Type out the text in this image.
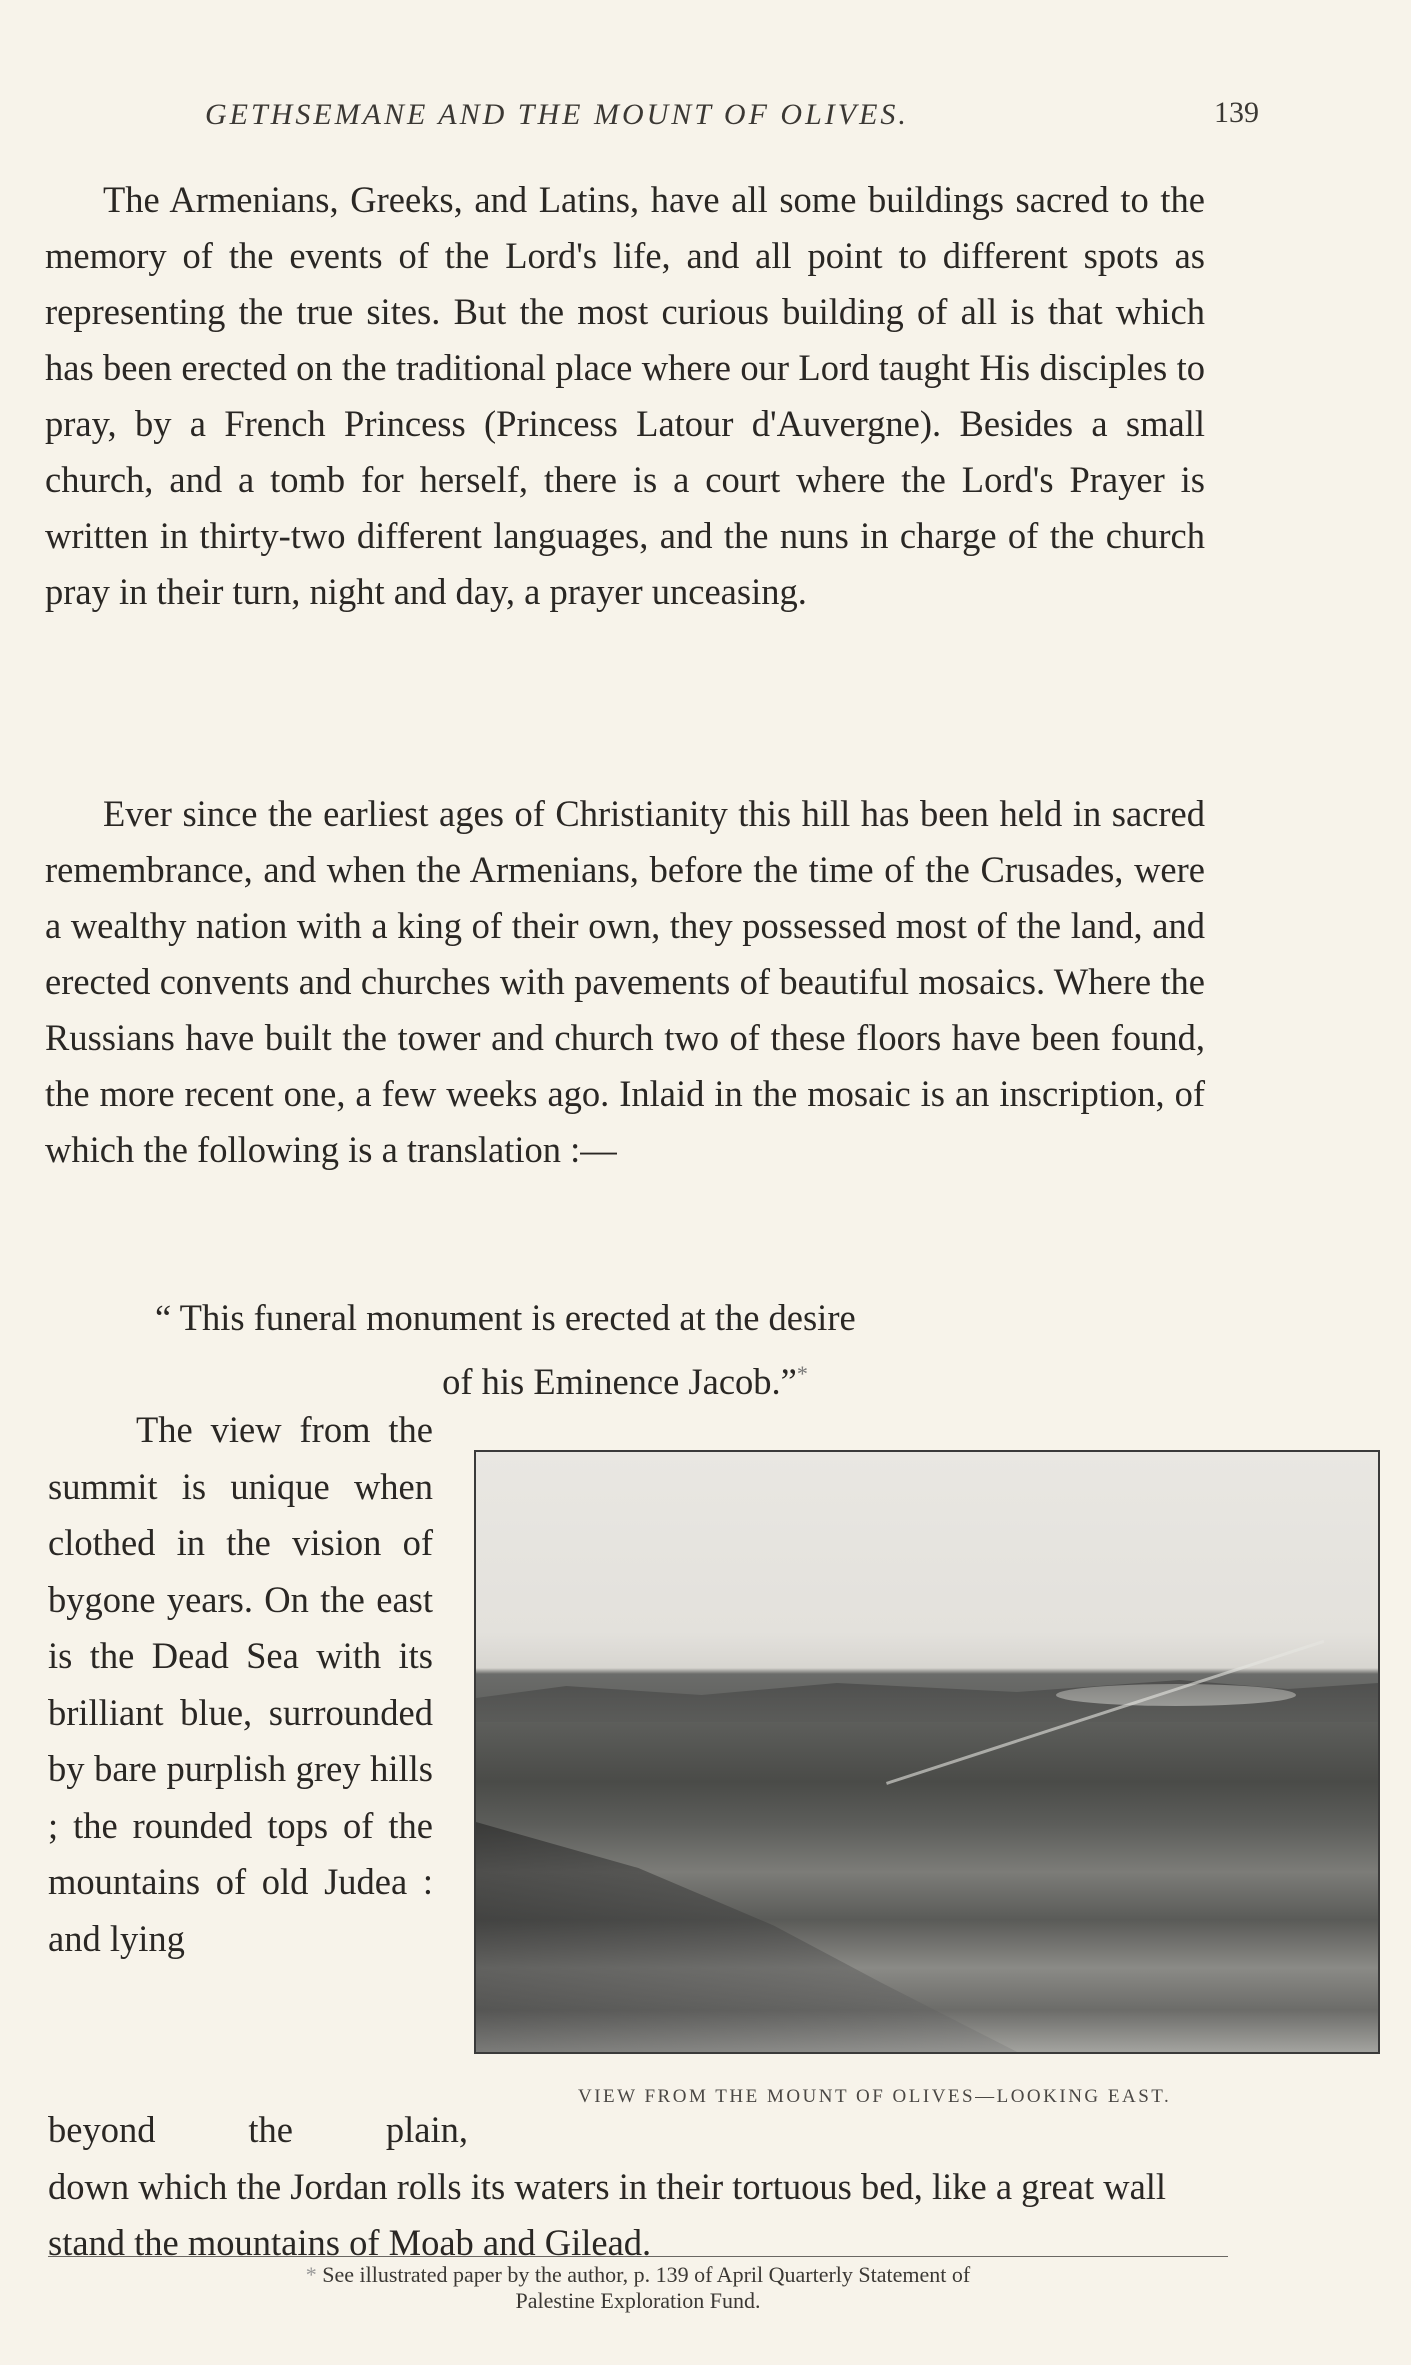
GETHSEMANE AND THE MOUNT OF OLIVES.	139
The Armenians, Greeks, and Latins, have all some buildings sacred to the memory of the events of the Lord's life, and all point to different spots as representing the true sites. But the most curious building of all is that which has been erected on the traditional place where our Lord taught His disciples to pray, by a French Princess (Princess Latour d'Auvergne). Besides a small church, and a tomb for herself, there is a court where the Lord's Prayer is written in thirty-two different languages, and the nuns in charge of the church pray in their turn, night and day, a prayer unceasing.
Ever since the earliest ages of Christianity this hill has been held in sacred remembrance, and when the Armenians, before the time of the Crusades, were a wealthy nation with a king of their own, they possessed most of the land, and erected convents and churches with pavements of beautiful mosaics. Where the Russians have built the tower and church two of these floors have been found, the more recent one, a few weeks ago. Inlaid in the mosaic is an inscription, of which the following is a translation :—
“ This funeral monument is erected at the desire
of his Eminence Jacob.”*
The view from the summit is unique when clothed in the vision of bygone years. On the east is the Dead Sea with its brilliant blue, surrounded by bare purplish grey hills ; the rounded tops of the mountains of old Judea : and lying
VIEW FROM THE MOUNT OF OLIVES—LOOKING EAST.
beyond the plain,
down which the Jordan rolls its waters in their tortuous bed, like a great wall stand the mountains of Moab and Gilead.
* See illustrated paper by the author, p. 139 of April Quarterly Statement of
Palestine Exploration Fund.
